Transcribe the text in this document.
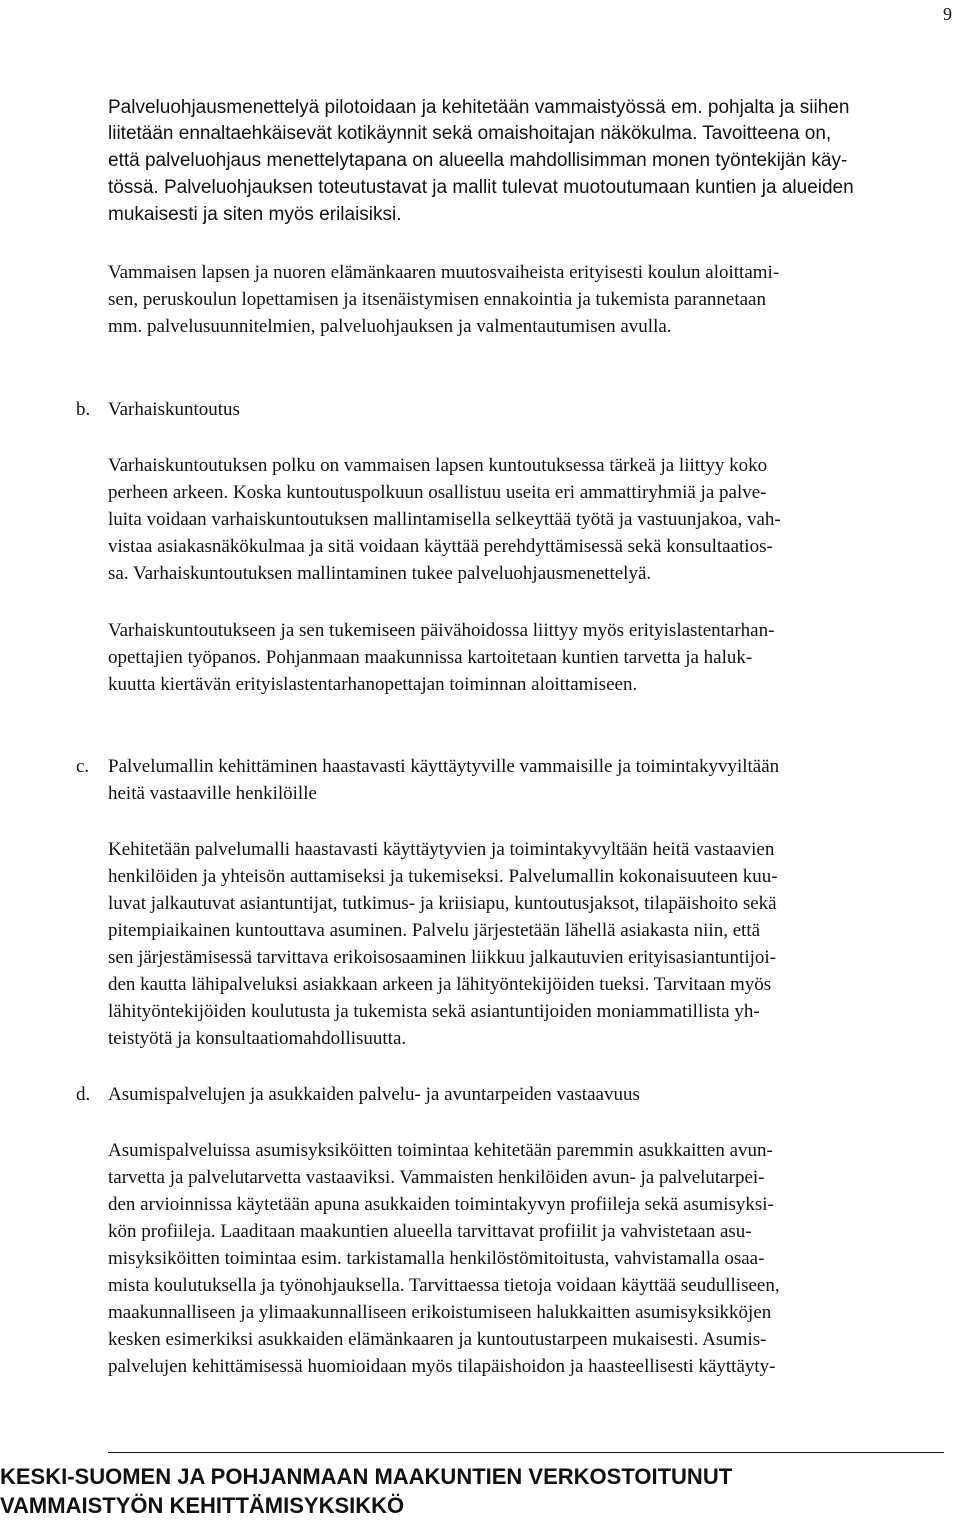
9
Palveluohjausmenettelyä pilotoidaan ja kehitetään vammaistyössä em. pohjalta ja siihen
liitetään ennaltaehkäisevät kotikäynnit sekä omaishoitajan näkökulma. Tavoitteena on,
että palveluohjaus menettelytapana on alueella mahdollisimman monen työntekijän käy-
tössä. Palveluohjauksen toteutustavat ja mallit tulevat muotoutumaan kuntien ja alueiden
mukaisesti ja siten myös erilaisiksi.
Vammaisen lapsen ja nuoren elämänkaaren muutosvaiheista erityisesti koulun aloittami-
sen, peruskoulun lopettamisen ja itsenäistymisen ennakointia ja tukemista parannetaan
mm. palvelusuunnitelmien, palveluohjauksen ja valmentautumisen avulla.
b. Varhaiskuntoutus
Varhaiskuntoutuksen polku on vammaisen lapsen kuntoutuksessa tärkeä ja liittyy koko
perheen arkeen. Koska kuntoutuspolkuun osallistuu useita eri ammattiryhmiä ja palve-
luita voidaan varhaiskuntoutuksen mallintamisella selkeyttää työtä ja vastuunjakoa, vah-
vistaa asiakasnäkökulmaa ja sitä voidaan käyttää perehdyttämisessä sekä konsultaatios-
sa. Varhaiskuntoutuksen mallintaminen tukee palveluohjausmenettelyä.
Varhaiskuntoutukseen ja sen tukemiseen päivähoidossa liittyy myös erityislastentarhan-
opettajien työpanos. Pohjanmaan maakunnissa kartoitetaan kuntien tarvetta ja haluk-
kuutta kiertävän erityislastentarhanopettajan toiminnan aloittamiseen.
c. Palvelumallin kehittäminen haastavasti käyttäytyville vammaisille ja toimintakyvyiltään
heitä vastaaville henkilöille
Kehitetään palvelumalli haastavasti käyttäytyvien ja toimintakyvyltään heitä vastaavien
henkilöiden ja yhteisön auttamiseksi ja tukemiseksi. Palvelumallin kokonaisuuteen kuu-
luvat jalkautuvat asiantuntijat, tutkimus- ja kriisiapu, kuntoutusjaksot, tilapäishoito sekä
pitempiaikainen kuntouttava asuminen. Palvelu järjestetään lähellä asiakasta niin, että
sen järjestämisessä tarvittava erikoisosaaminen liikkuu jalkautuvien erityisasiantuntijoi-
den kautta lähipalveluksi asiakkaan arkeen ja lähityöntekijöiden tueksi. Tarvitaan myös
lähityöntekijöiden koulutusta ja tukemista sekä asiantuntijoiden moniammatillista yh-
teistyötä ja konsultaatiomahdollisuutta.
d. Asumispalvelujen ja asukkaiden palvelu- ja avuntarpeiden vastaavuus
Asumispalveluissa asumisyksiköitten toimintaa kehitetään paremmin asukkaitten avun-
tarvetta ja palvelutarvetta vastaaviksi. Vammaisten henkilöiden avun- ja palvelutarpei-
den arvioinnissa käytetään apuna asukkaiden toimintakyvyn profiileja sekä asumisyksi-
kön profiileja. Laaditaan maakuntien alueella tarvittavat profiilit ja vahvistetaan asu-
misyksiköitten toimintaa esim. tarkistamalla henkilöstömitoitusta, vahvistamalla osaa-
mista koulutuksella ja työnohjauksella. Tarvittaessa tietoja voidaan käyttää seudulliseen,
maakunnalliseen ja ylimaakunnalliseen erikoistumiseen halukkaitten asumisyksikköjen
kesken esimerkiksi asukkaiden elämänkaaren ja kuntoutustarpeen mukaisesti. Asumis-
palvelujen kehittämisessä huomioidaan myös tilapäishoidon ja haasteellisesti käyttäyty-
KESKI-SUOMEN JA POHJANMAAN MAAKUNTIEN VERKOSTOITUNUT
VAMMAISTYÖN KEHITTÄMISYKSIKKÖ
